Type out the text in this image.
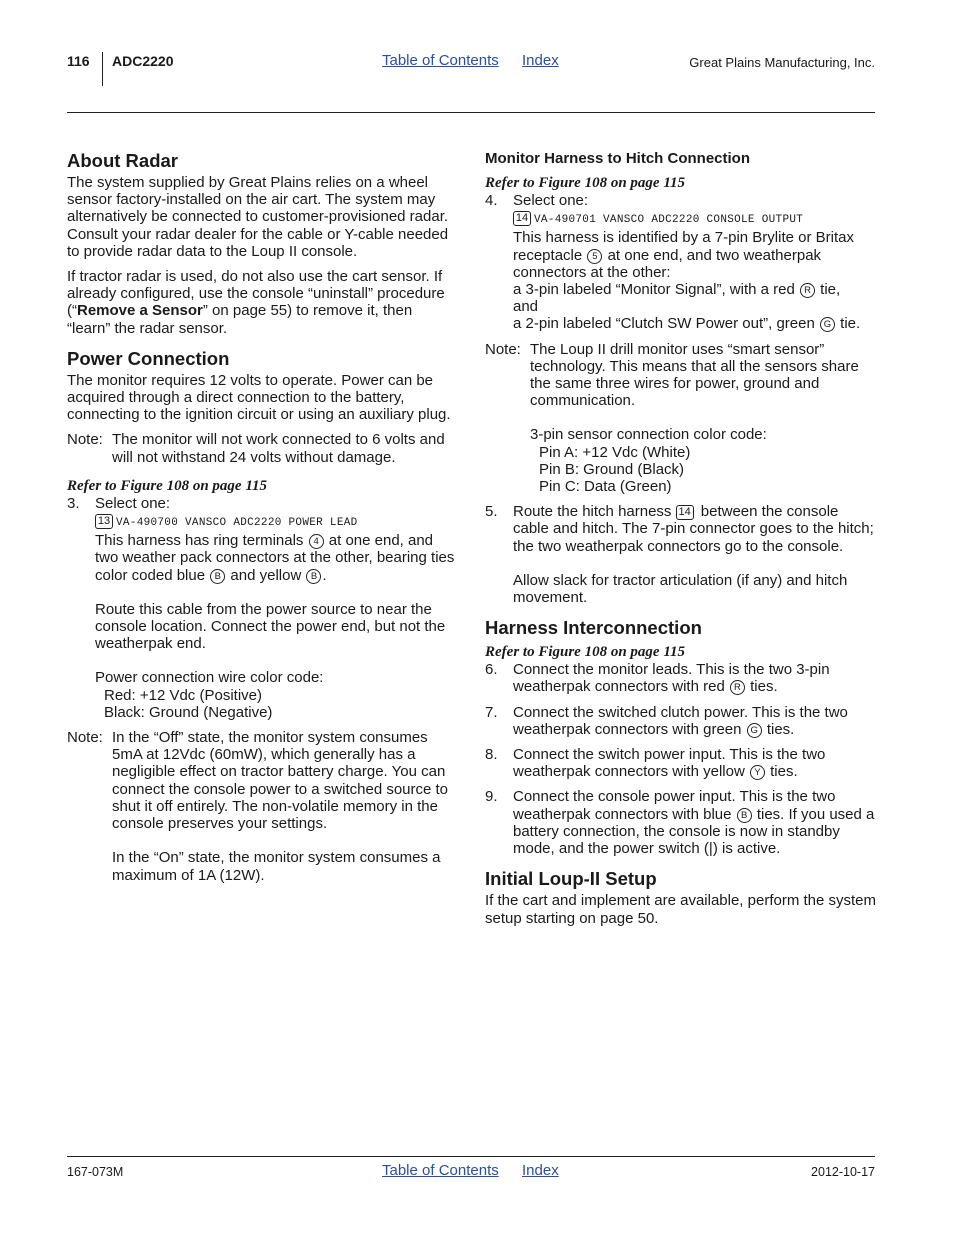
116 ADC2220	Table of Contents Index	Great Plains Manufacturing, Inc.
About Radar

The system supplied by Great Plains relies on a wheel sensor factory-installed on the air cart. The system may alternatively be connected to customer-provisioned radar. Consult your radar dealer for the cable or Y-cable needed to provide radar data to the Loup II console.

If tractor radar is used, do not also use the cart sensor. If already configured, use the console “uninstall” procedure (“Remove a Sensor” on page 55) to remove it, then “learn” the radar sensor.

Power Connection

The monitor requires 12 volts to operate. Power can be acquired through a direct connection to the battery, connecting to the ignition circuit or using an auxiliary plug.

Note: The monitor will not work connected to 6 volts and will not withstand 24 volts without damage.
Refer to Figure 108 on page 115
3.	Select one:
13 VA-490700 VANSCO ADC2220 POWER LEAD
This harness has ring terminals 4 at one end, and two weather pack connectors at the other, bearing ties color coded blue B and yellow B .
Route this cable from the power source to near the console location. Connect the power end, but not the weatherpak end.
Power connection wire color code:
Red: +12 Vdc (Positive)
Black: Ground (Negative)
Note: In the “Off” state, the monitor system consumes 5mA at 12Vdc (60mW), which generally has a negligible effect on tractor battery charge. You can connect the console power to a switched source to shut it off entirely. The non-volatile memory in the console preserves your settings.
In the “On” state, the monitor system consumes a maximum of 1A (12W).
Monitor Harness to Hitch Connection
Refer to Figure 108 on page 115
4.	Select one:
14 VA-490701 VANSCO ADC2220 CONSOLE OUTPUT
This harness is identified by a 7-pin Brylite or Britax receptacle 5 at one end, and two weatherpak connectors at the other:
a 3-pin labeled “Monitor Signal”, with a red R tie,
and
a 2-pin labeled “Clutch SW Power out”, green G tie.
Note: The Loup II drill monitor uses “smart sensor” technology. This means that all the sensors share the same three wires for power, ground and communication.
3-pin sensor connection color code:
Pin A: +12 Vdc (White)
Pin B: Ground (Black)
Pin C: Data (Green)
5.	Route the hitch harness 14 between the console cable and hitch. The 7-pin connector goes to the hitch; the two weatherpak connectors go to the console.
Allow slack for tractor articulation (if any) and hitch movement.
Harness Interconnection
Refer to Figure 108 on page 115
6.	Connect the monitor leads. This is the two 3-pin weatherpak connectors with red R ties.
7.	Connect the switched clutch power. This is the two weatherpak connectors with green G ties.
8.	Connect the switch power input. This is the two weatherpak connectors with yellow Y ties.
9.	Connect the console power input. This is the two weatherpak connectors with blue B ties. If you used a battery connection, the console is now in standby mode, and the power switch (|) is active.
Initial Loup-II Setup

If the cart and implement are available, perform the system setup starting on page 50.

167-073M	Table of Contents Index	2012-10-17
